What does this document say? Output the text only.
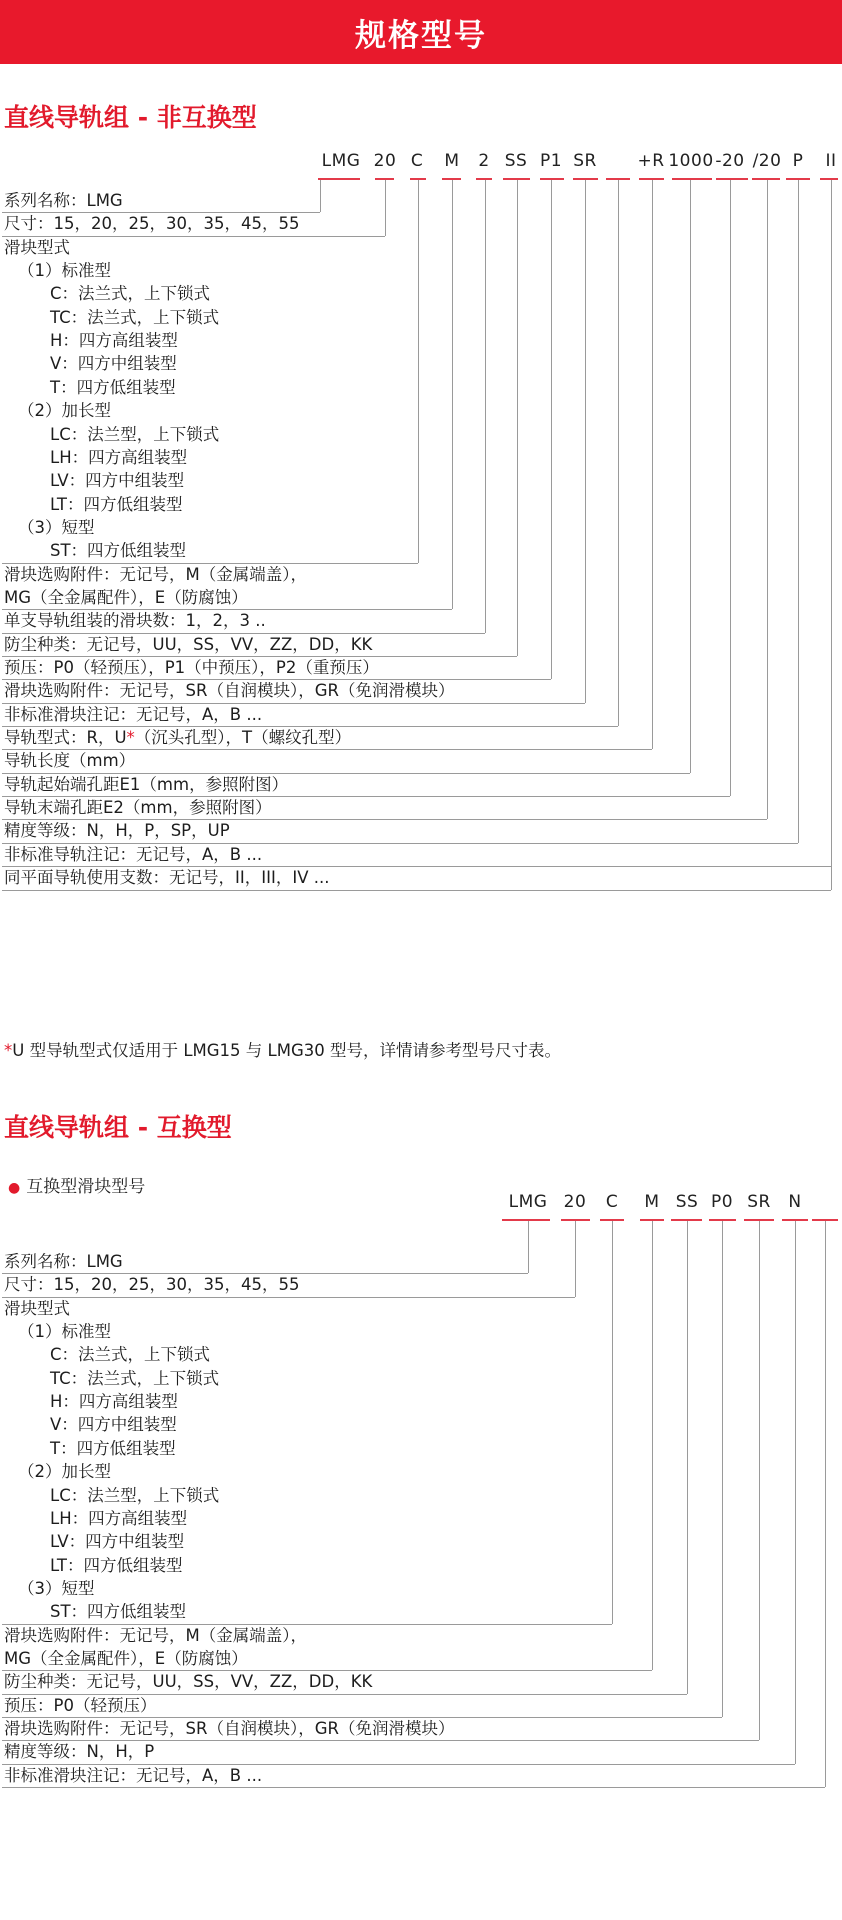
规格型号
直线导轨组 - 非互换型
LMG 20 C M 2 SS P1 SR +R 1000 -20 /20 P II
系列名称：LMG
尺寸：15，20，25，30，35，45，55
滑块型式
（1）标准型
C：法兰式，上下锁式
TC：法兰式，上下锁式
H：四方高组装型
V：四方中组装型
T：四方低组装型
（2）加长型
LC：法兰型，上下锁式
LH：四方高组装型
LV：四方中组装型
LT：四方低组装型
（3）短型
ST：四方低组装型
滑块选购附件：无记号，M（金属端盖），
MG（全金属配件），E（防腐蚀）
单支导轨组装的滑块数：1，2，3 ..
防尘种类：无记号，UU，SS，VV，ZZ，DD，KK
预压：P0（轻预压），P1（中预压），P2（重预压）
滑块选购附件：无记号，SR（自润模块），GR（免润滑模块）
非标准滑块注记：无记号，A，B ...
导轨型式：R，U*（沉头孔型），T（螺纹孔型）
导轨长度（mm）
导轨起始端孔距E1（mm，参照附图）
导轨末端孔距E2（mm，参照附图）
精度等级：N，H，P，SP，UP
非标准导轨注记：无记号，A，B ...
同平面导轨使用支数：无记号，II，III，IV ...
*U 型导轨型式仅适用于 LMG15 与 LMG30 型号，详情请参考型号尺寸表。
直线导轨组 - 互换型
● 互换型滑块型号
LMG 20 C M SS P0 SR N
系列名称：LMG
尺寸：15，20，25，30，35，45，55
滑块型式
（1）标准型
C：法兰式，上下锁式
TC：法兰式，上下锁式
H：四方高组装型
V：四方中组装型
T：四方低组装型
（2）加长型
LC：法兰型，上下锁式
LH：四方高组装型
LV：四方中组装型
LT：四方低组装型
（3）短型
ST：四方低组装型
滑块选购附件：无记号，M（金属端盖），
MG（全金属配件），E（防腐蚀）
防尘种类：无记号，UU，SS，VV，ZZ，DD，KK
预压：P0（轻预压）
滑块选购附件：无记号，SR（自润模块），GR（免润滑模块）
精度等级：N，H，P
非标准滑块注记：无记号，A，B ...
